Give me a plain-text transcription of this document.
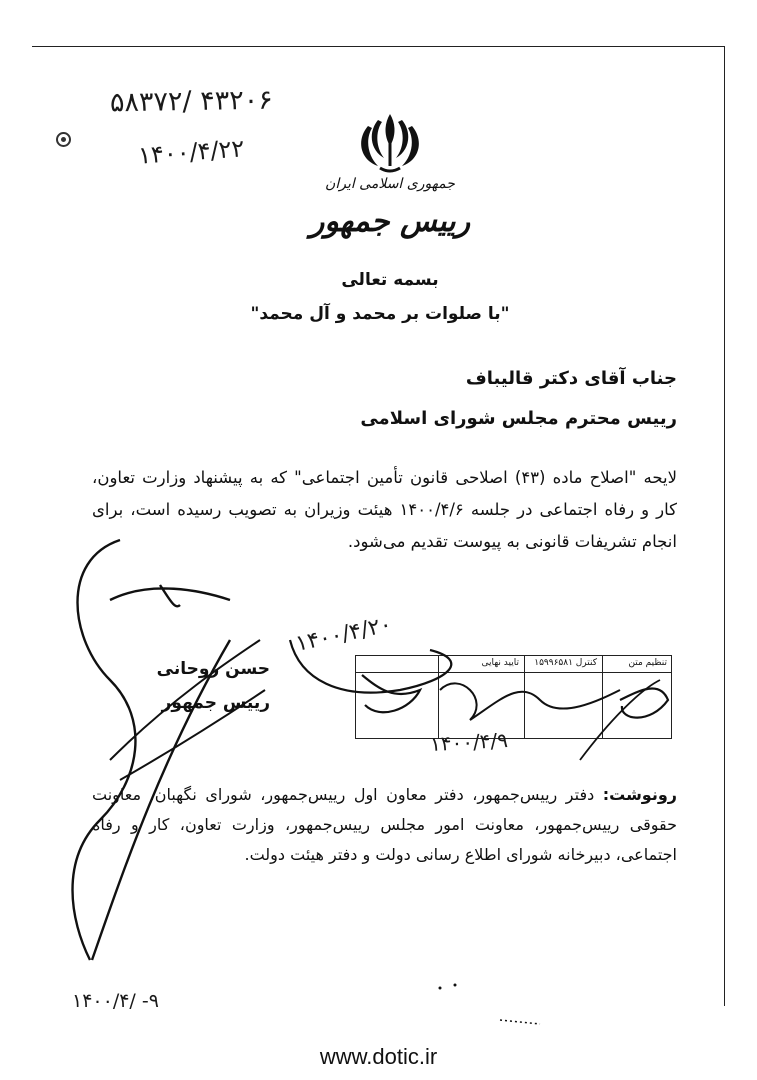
۵۸۳۷۲/ ۴۳۲۰۶
۱۴۰۰/۴/۲۲
جمهوری اسلامی ایران
رییس جمهور
بسمه تعالی
"با صلوات بر محمد و آل محمد"
جناب آقای دکتر قالیباف
رییس محترم مجلس شورای اسلامی
لایحه "اصلاح ماده (۴۳) اصلاحی قانون تأمین اجتماعی" که به پیشنهاد وزارت تعاون، کار و رفاه اجتماعی در جلسه ۱۴۰۰/۴/۶ هیئت وزیران به تصویب رسیده است، برای انجام تشریفات قانونی به پیوست تقدیم می‌شود.
حسن روحانی
رییس جمهور
تنظیم متن
کنترل ۱۵۹۹۶۵۸۱
تایید نهایی
۱۴۰۰/۴/۲۰
۱۴۰۰/۴/۹
رونوشت: دفتر رییس‌جمهور، دفتر معاون اول رییس‌جمهور، شورای نگهبان، معاونت حقوقی رییس‌جمهور، معاونت امور مجلس رییس‌جمهور، وزارت تعاون، کار و رفاه اجتماعی، دبیرخانه شورای اطلاع رسانی دولت و دفتر هیئت دولت.
۱۴۰۰/۴/ -۹
www.dotic.ir
